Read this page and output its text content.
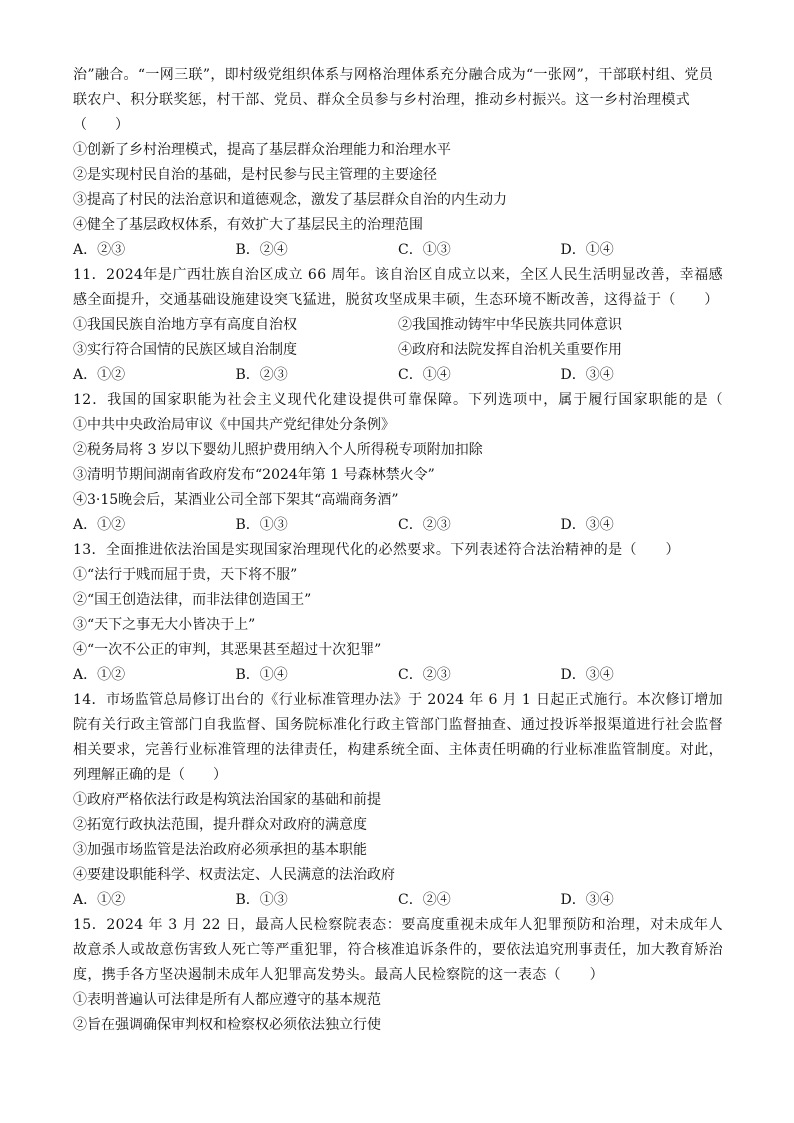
治”融合。“一网三联”，即村级党组织体系与网格治理体系充分融合成为“一张网”，干部联村组、党员
联农户、积分联奖惩，村干部、党员、群众全员参与乡村治理，推动乡村振兴。这一乡村治理模式
（　　）
①创新了乡村治理模式，提高了基层群众治理能力和治理水平
②是实现村民自治的基础，是村民参与民主管理的主要途径
③提高了村民的法治意识和道德观念，激发了基层群众自治的内生动力
④健全了基层政权体系，有效扩大了基层民主的治理范围
A．②③	B．②④	C．①③	D．①④
11．2024年是广西壮族自治区成立 66 周年。该自治区自成立以来，全区人民生活明显改善，幸福感
感全面提升，交通基础设施建设突飞猛进，脱贫攻坚成果丰硕，生态环境不断改善，这得益于（　　）
①我国民族自治地方享有高度自治权	②我国推动铸牢中华民族共同体意识
③实行符合国情的民族区域自治制度	④政府和法院发挥自治机关重要作用
A．①②	B．②③	C．①④	D．③④
12．我国的国家职能为社会主义现代化建设提供可靠保障。下列选项中，属于履行国家职能的是（　　
①中共中央政治局审议《中国共产党纪律处分条例》
②税务局将 3 岁以下婴幼儿照护费用纳入个人所得税专项附加扣除
③清明节期间湖南省政府发布“2024年第 1 号森林禁火令”
④3·15晚会后，某酒业公司全部下架其“高端商务酒”
A．①②	B．①③	C．②③	D．③④
13．全面推进依法治国是实现国家治理现代化的必然要求。下列表述符合法治精神的是（　　）
①“法行于贱而屈于贵，天下将不服”
②“国王创造法律，而非法律创造国王”
③“天下之事无大小皆决于上”
④“一次不公正的审判，其恶果甚至超过十次犯罪”
A．①②	B．①④	C．②③	D．③④
14．市场监管总局修订出台的《行业标准管理办法》于 2024 年 6 月 1 日起正式施行。本次修订增加
院有关行政主管部门自我监督、国务院标准化行政主管部门监督抽查、通过投诉举报渠道进行社会监督
相关要求，完善行业标准管理的法律责任，构建系统全面、主体责任明确的行业标准监管制度。对此，
列理解正确的是（　　）
①政府严格依法行政是构筑法治国家的基础和前提
②拓宽行政执法范围，提升群众对政府的满意度
③加强市场监管是法治政府必须承担的基本职能
④要建设职能科学、权责法定、人民满意的法治政府
A．①②	B．①③	C．②④	D．③④
15．2024 年 3 月 22 日，最高人民检察院表态：要高度重视未成年人犯罪预防和治理，对未成年人
故意杀人或故意伤害致人死亡等严重犯罪，符合核准追诉条件的，要依法追究刑事责任，加大教育矫治
度，携手各方坚决遏制未成年人犯罪高发势头。最高人民检察院的这一表态（　　）
①表明普遍认可法律是所有人都应遵守的基本规范
②旨在强调确保审判权和检察权必须依法独立行使
